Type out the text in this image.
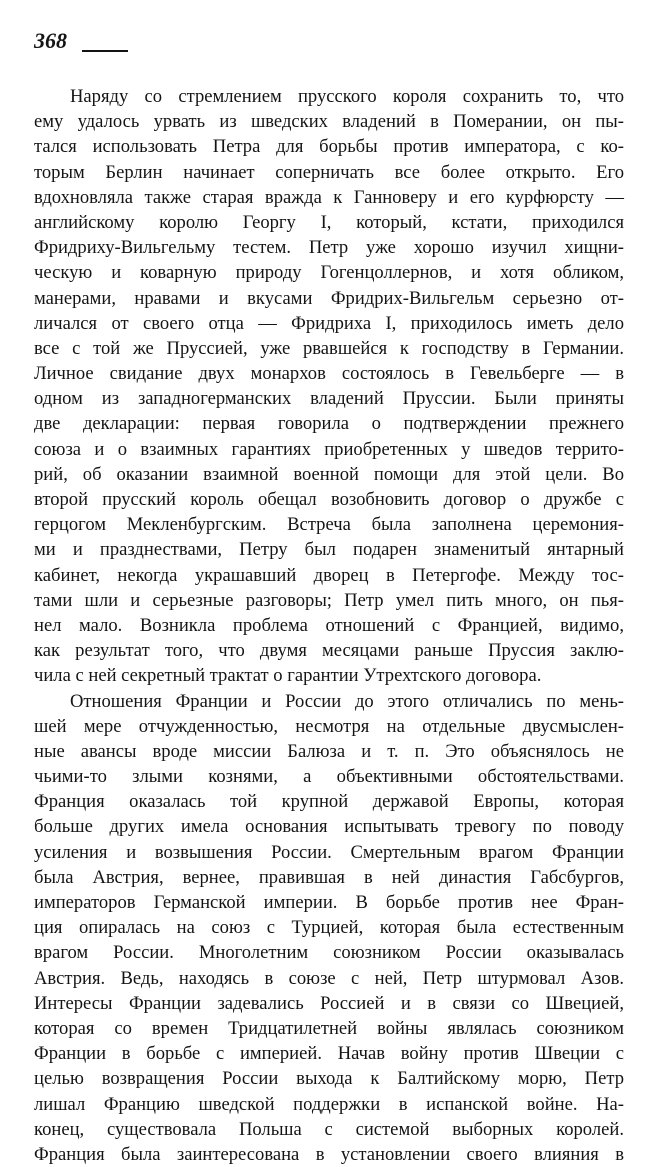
368
Наряду со стремлением прусского короля сохранить то, что
ему удалось урвать из шведских владений в Померании, он пы-
тался использовать Петра для борьбы против императора, с ко-
торым Берлин начинает соперничать все более открыто. Его
вдохновляла также старая вражда к Ганноверу и его курфюрсту —
английскому королю Георгу I, который, кстати, приходился
Фридриху-Вильгельму тестем. Петр уже хорошо изучил хищни-
ческую и коварную природу Гогенцоллернов, и хотя обликом,
манерами, нравами и вкусами Фридрих-Вильгельм серьезно от-
личался от своего отца — Фридриха I, приходилось иметь дело
все с той же Пруссией, уже рвавшейся к господству в Германии.
Личное свидание двух монархов состоялось в Гевельберге — в
одном из западногерманских владений Пруссии. Были приняты
две декларации: первая говорила о подтверждении прежнего
союза и о взаимных гарантиях приобретенных у шведов террито-
рий, об оказании взаимной военной помощи для этой цели. Во
второй прусский король обещал возобновить договор о дружбе с
герцогом Мекленбургским. Встреча была заполнена церемония-
ми и празднествами, Петру был подарен знаменитый янтарный
кабинет, некогда украшавший дворец в Петергофе. Между тос-
тами шли и серьезные разговоры; Петр умел пить много, он пья-
нел мало. Возникла проблема отношений с Францией, видимо,
как результат того, что двумя месяцами раньше Пруссия заклю-
чила с ней секретный трактат о гарантии Утрехтского договора.
Отношения Франции и России до этого отличались по мень-
шей мере отчужденностью, несмотря на отдельные двусмыслен-
ные авансы вроде миссии Балюза и т. п. Это объяснялось не
чьими-то злыми кознями, а объективными обстоятельствами.
Франция оказалась той крупной державой Европы, которая
больше других имела основания испытывать тревогу по поводу
усиления и возвышения России. Смертельным врагом Франции
была Австрия, вернее, правившая в ней династия Габсбургов,
императоров Германской империи. В борьбе против нее Фран-
ция опиралась на союз с Турцией, которая была естественным
врагом России. Многолетним союзником России оказывалась
Австрия. Ведь, находясь в союзе с ней, Петр штурмовал Азов.
Интересы Франции задевались Россией и в связи со Швецией,
которая со времен Тридцатилетней войны являлась союзником
Франции в борьбе с империей. Начав войну против Швеции с
целью возвращения России выхода к Балтийскому морю, Петр
лишал Францию шведской поддержки в испанской войне. На-
конец, существовала Польша с системой выборных королей.
Франция была заинтересована в установлении своего влияния в
